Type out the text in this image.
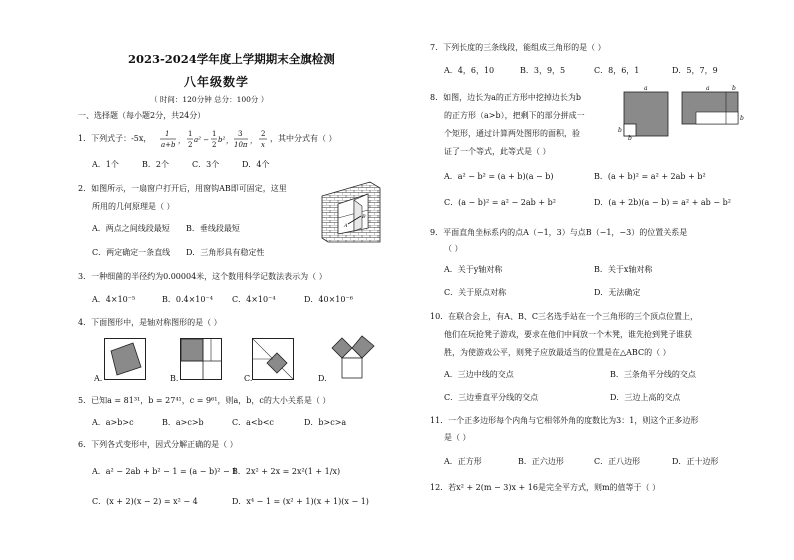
2023-2024学年度上学期期末全旗检测
八年级数学
（ 时间：120分钟 总分：100分 ）
一、选择题（每小题2分，共24分）
1．下列式子：-5x， 1
a+b ，
1
2
a² −
1
2
b² ，
3
10π ，
2
x
，其中分式有（ ）
A．1个	B．2个	C．3个	D．4个
2．如图所示，一扇窗户打开后，用窗钩AB即可固定，这里
所用的几何原理是（ ）
A．两点之间线段最短 B．垂线段最短
C．两定确定一条直线 D．三角形具有稳定性
A
B
3．一种细菌的半径约为0.00004米，这个数用科学记数法表示为（ ）
A．4×10⁻⁵	B．0.4×10⁻⁴ C．4×10⁻⁴	D．40×10⁻⁶
4．下面图形中，是轴对称图形的是（ ）
A.	B.	C.	D.
5．已知a = 81³¹，b = 27⁴¹，c = 9⁶¹，则a，b，c的大小关系是（ ）
A．a>b>c	B．a>c>b	C．a<b<c	D．b>c>a
6．下列各式变形中，因式分解正确的是（ ）
A．a² − 2ab + b² − 1 = (a − b)² − 1
B．2x² + 2x = 2x²(1 + 1/x)
C．(x + 2)(x − 2) = x² − 4	D．x⁴ − 1 = (x² + 1)(x + 1)(x − 1)
7．下列长度的三条线段，能组成三角形的是（ ）
A．4，6，10	B．3，9，5	C．8，6，1	D．5，7，9
8．如图，边长为a的正方形中挖掉边长为b
的正方形（a>b），把剩下的部分拼成一
个矩形，通过计算两处图形的面积，验
证了一个等式，此等式是（ ）
a
b
b
a	b
b
A．a² − b² = (a + b)(a − b)	B．(a + b)² = a² + 2ab + b²
C．(a − b)² = a² − 2ab + b²	D．(a + 2b)(a − b) = a² + ab − b²
9．平面直角坐标系内的点A（−1，3）与点B（−1，−3）的位置关系是
（ ）
A．关于y轴对称	B．关于x轴对称
C．关于原点对称	D．无法确定
10．在联合会上，有A、B、C三名选手站在一个三角形的三个顶点位置上，
他们在玩抢凳子游戏，要求在他们中间放一个木凳，谁先抢到凳子谁获
胜，为使游戏公平，则凳子应放最适当的位置是在△ABC的（ ）
A．三边中线的交点	B．三条角平分线的交点
C．三边垂直平分线的交点	D．三边上高的交点
11．一个正多边形每个内角与它相邻外角的度数比为3：1，则这个正多边形
是（ ）
A．正方形	B．正六边形	C．正八边形	D．正十边形
12．若x² + 2(m − 3)x + 16是完全平方式，则m的值等于（ ）
